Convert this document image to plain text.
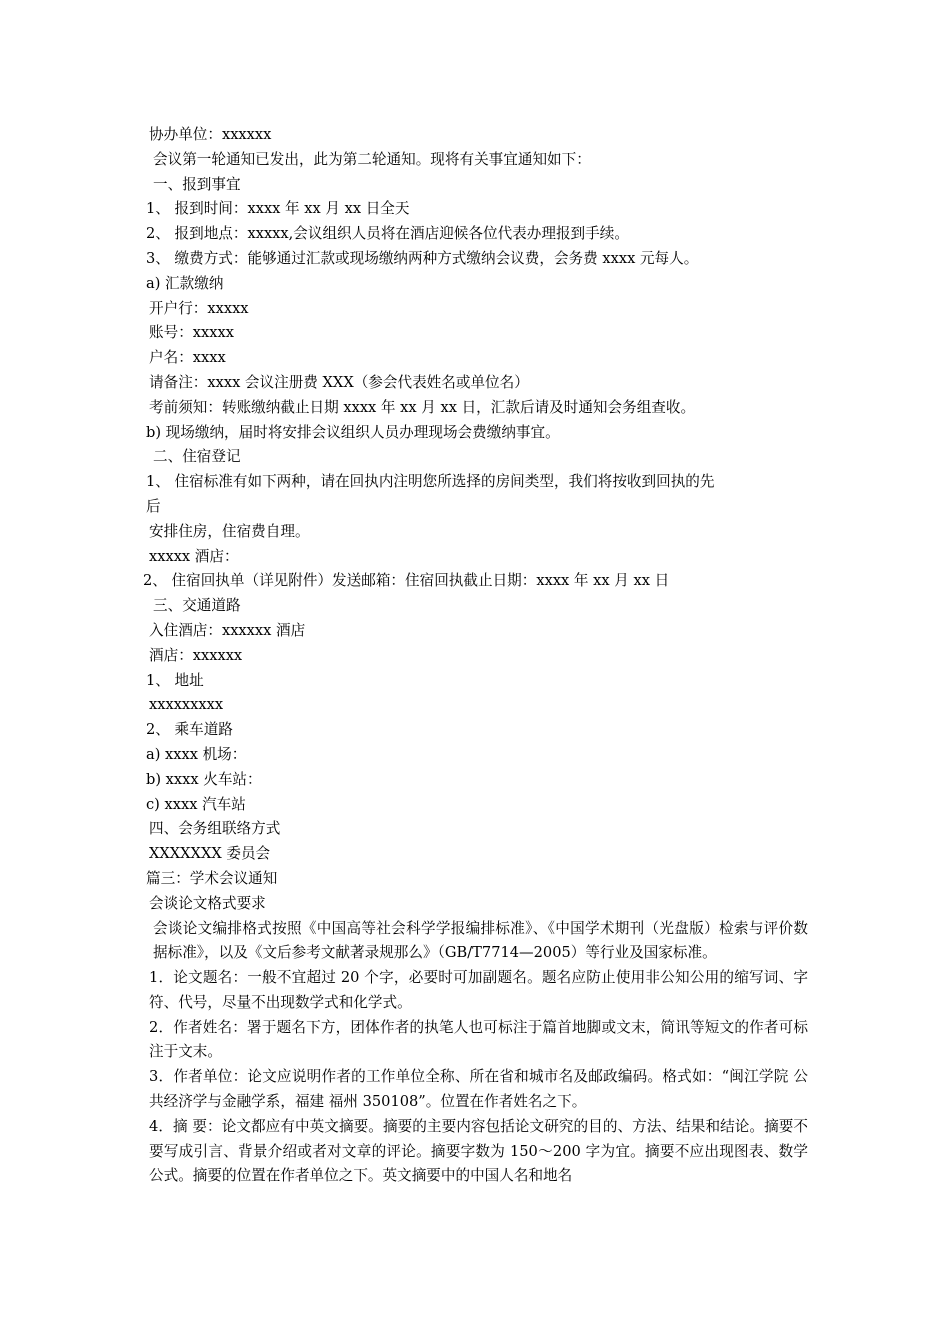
协办单位：xxxxxx
会议第一轮通知已发出，此为第二轮通知。现将有关事宜通知如下：
一、报到事宜
1、 报到时间：xxxx 年 xx 月 xx 日全天
2、 报到地点：xxxxx,会议组织人员将在酒店迎候各位代表办理报到手续。
3、 缴费方式：能够通过汇款或现场缴纳两种方式缴纳会议费，会务费 xxxx 元每人。
a) 汇款缴纳
开户行：xxxxx
账号：xxxxx
户名：xxxx
请备注：xxxx 会议注册费 XXX（参会代表姓名或单位名）
考前须知：转账缴纳截止日期 xxxx 年 xx 月 xx 日，汇款后请及时通知会务组查收。
b) 现场缴纳，届时将安排会议组织人员办理现场会费缴纳事宜。
二、住宿登记
1、 住宿标准有如下两种，请在回执内注明您所选择的房间类型，我们将按收到回执的先
后
安排住房，住宿费自理。
xxxxx 酒店：
2、 住宿回执单（详见附件）发送邮箱：住宿回执截止日期：xxxx 年 xx 月 xx 日
三、交通道路
入住酒店：xxxxxx 酒店
酒店：xxxxxx
1、 地址
xxxxxxxxx
2、 乘车道路
a) xxxx 机场：
b) xxxx 火车站：
c) xxxx 汽车站
四、会务组联络方式
XXXXXXX 委员会
篇三：学术会议通知
会谈论文格式要求
会谈论文编排格式按照《中国高等社会科学学报编排标准》、《中国学术期刊（光盘版）检索与评价数据标准》，以及《文后参考文献著录规那么》（GB/T7714—2005）等行业及国家标准。
1．论文题名：一般不宜超过 20 个字，必要时可加副题名。题名应防止使用非公知公用的缩写词、字符、代号，尽量不出现数学式和化学式。
2．作者姓名：署于题名下方，团体作者的执笔人也可标注于篇首地脚或文末，简讯等短文的作者可标注于文末。
3．作者单位：论文应说明作者的工作单位全称、所在省和城市名及邮政编码。格式如：“闽江学院 公共经济学与金融学系，福建 福州 350108”。位置在作者姓名之下。
4．摘 要：论文都应有中英文摘要。摘要的主要内容包括论文研究的目的、方法、结果和结论。摘要不要写成引言、背景介绍或者对文章的评论。摘要字数为 150～200 字为宜。摘要不应出现图表、数学公式。摘要的位置在作者单位之下。英文摘要中的中国人名和地名
